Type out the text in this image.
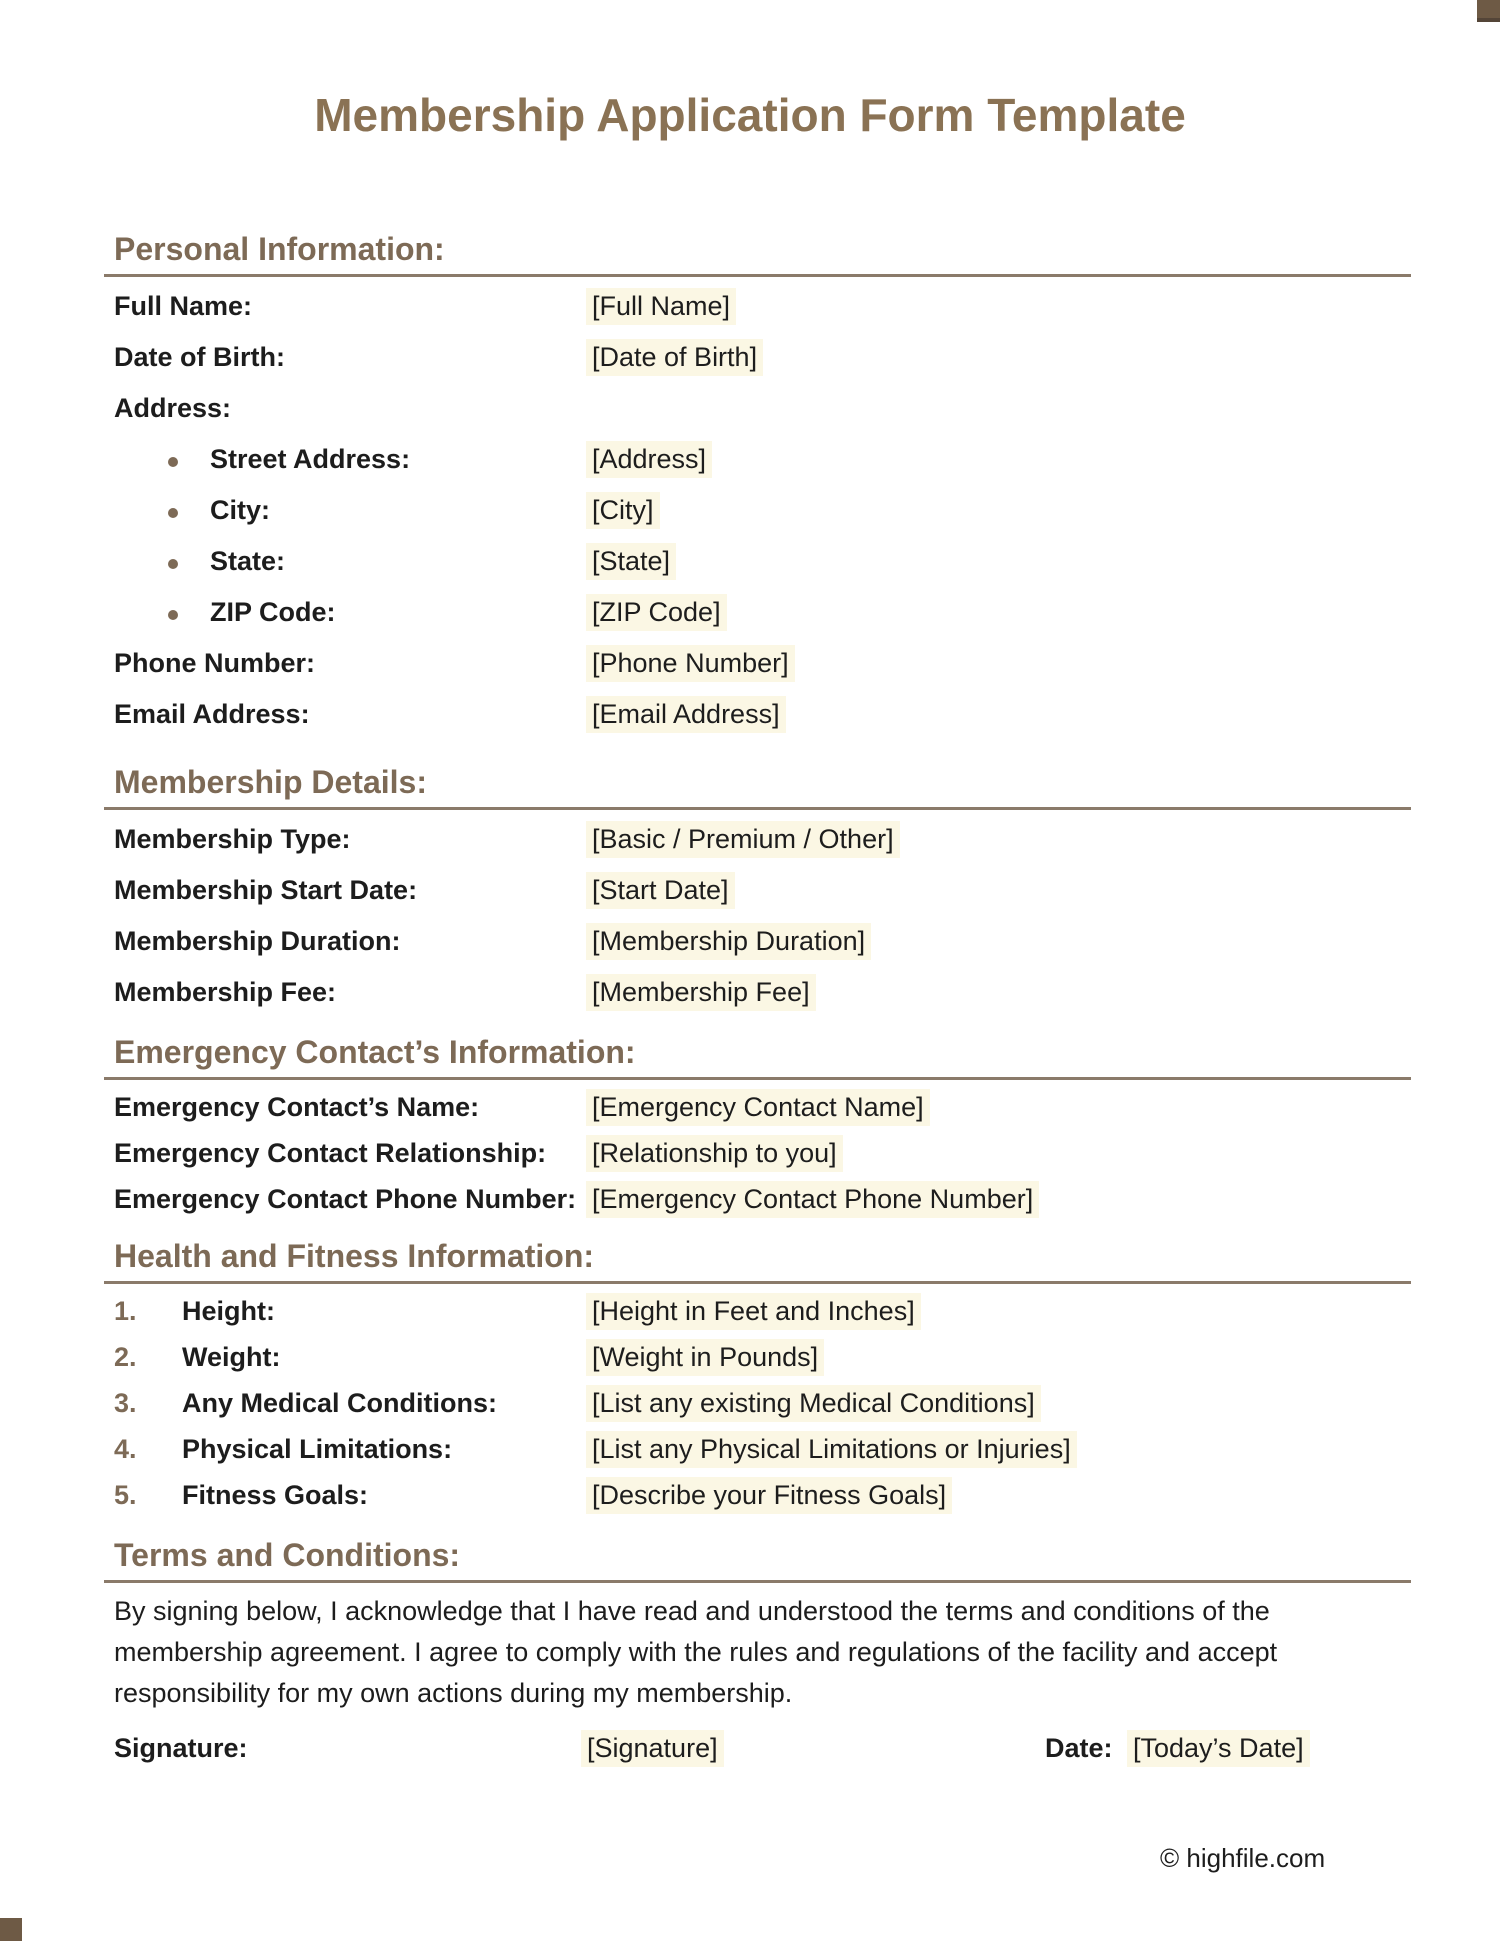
Membership Application Form Template
Personal Information:
Full Name:	[Full Name]
Date of Birth:	[Date of Birth]
Address:
Street Address:	[Address]
City:	[City]
State:	[State]
ZIP Code:	[ZIP Code]
Phone Number:	[Phone Number]
Email Address:	[Email Address]
Membership Details:
Membership Type:	[Basic / Premium / Other]
Membership Start Date:	[Start Date]
Membership Duration:	[Membership Duration]
Membership Fee:	[Membership Fee]
Emergency Contact’s Information:
Emergency Contact’s Name:	[Emergency Contact Name]
Emergency Contact Relationship:	[Relationship to you]
Emergency Contact Phone Number: [Emergency Contact Phone Number]
Health and Fitness Information:
1. Height:	[Height in Feet and Inches]
2. Weight:	[Weight in Pounds]
3. Any Medical Conditions:	[List any existing Medical Conditions]
4. Physical Limitations:	[List any Physical Limitations or Injuries]
5. Fitness Goals:	[Describe your Fitness Goals]
Terms and Conditions:
By signing below, I acknowledge that I have read and understood the terms and conditions of the
membership agreement. I agree to comply with the rules and regulations of the facility and accept
responsibility for my own actions during my membership.
Signature:	[Signature]	Date: [Today’s Date]
© highfile.com
